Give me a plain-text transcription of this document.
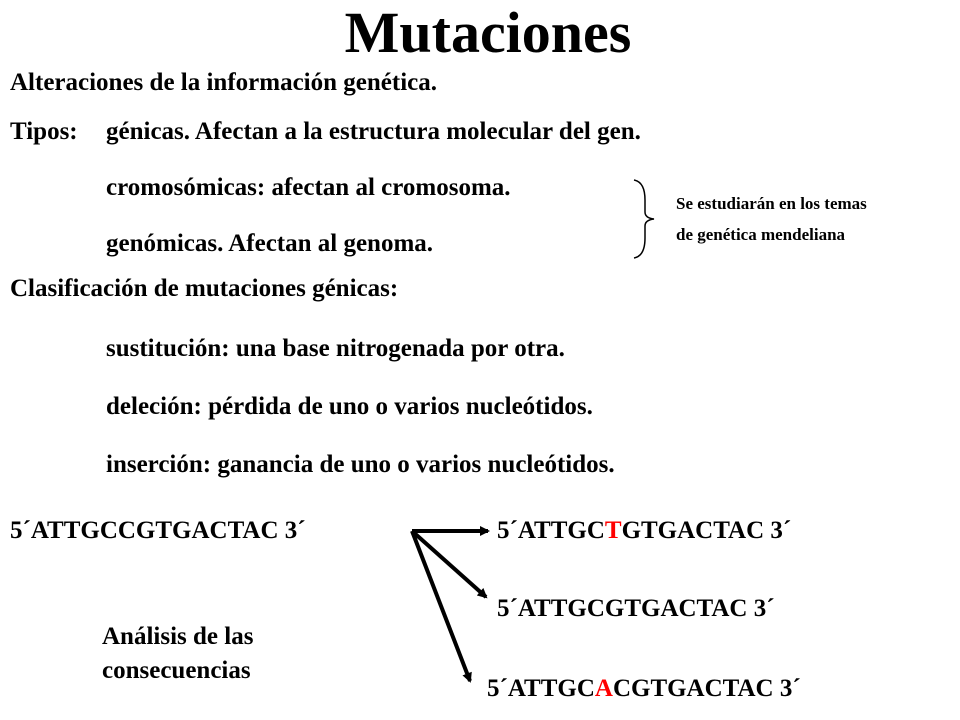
Mutaciones
Alteraciones de la información genética.
Tipos: génicas. Afectan a la estructura molecular del gen.
cromosómicas: afectan al cromosoma.
genómicas. Afectan al genoma.
Se estudiarán en los temas
de genética mendeliana
Clasificación de mutaciones génicas:
sustitución: una base nitrogenada por otra.
deleción: pérdida de uno o varios nucleótidos.
inserción: ganancia de uno o varios nucleótidos.
5´ATTGCCGTGACTAC 3´	5´ATTGCTGTGACTAC 3´
5´ATTGCGTGACTAC 3´
5´ATTGCACGTGACTAC 3´
Análisis de las
consecuencias
